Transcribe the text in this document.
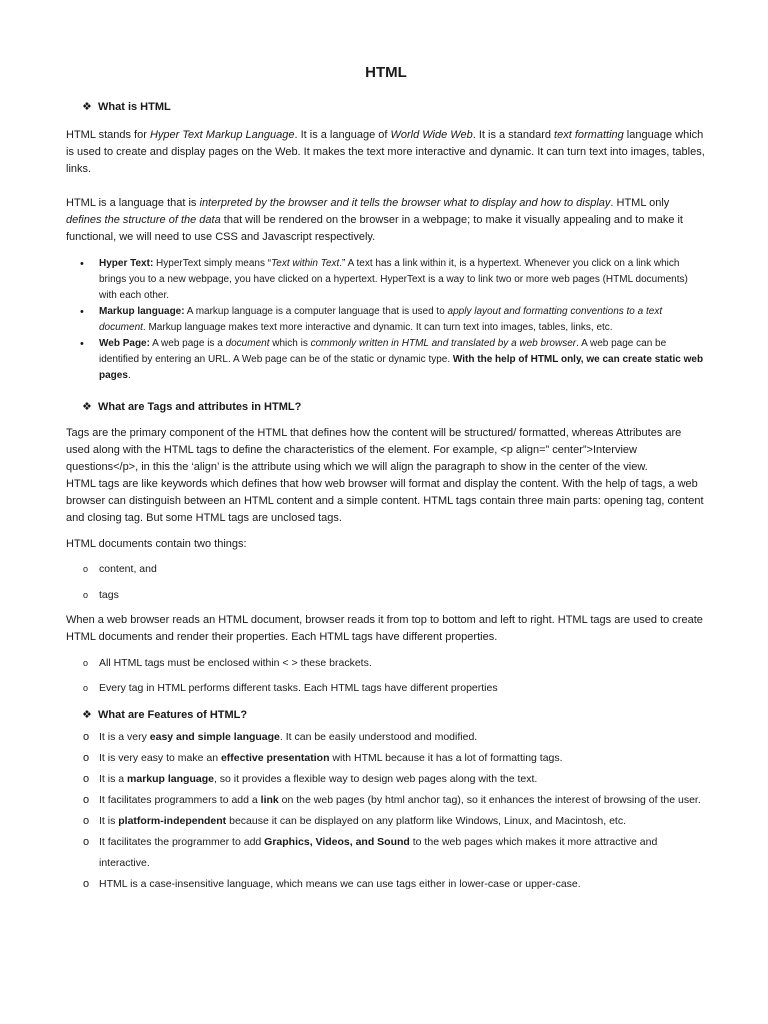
HTML
❖ What is HTML

HTML stands for Hyper Text Markup Language. It is a language of World Wide Web. It is a standard text formatting language which is used to create and display pages on the Web. It makes the text more interactive and dynamic. It can turn text into images, tables, links.

HTML is a language that is interpreted by the browser and it tells the browser what to display and how to display. HTML only defines the structure of the data that will be rendered on the browser in a webpage; to make it visually appealing and to make it functional, we will need to use CSS and Javascript respectively.

• Hyper Text: HyperText simply means “Text within Text.” A text has a link within it, is a hypertext. Whenever you click on a link which brings you to a new webpage, you have clicked on a hypertext. HyperText is a way to link two or more web pages (HTML documents) with each other.
• Markup language: A markup language is a computer language that is used to apply layout and formatting conventions to a text document. Markup language makes text more interactive and dynamic. It can turn text into images, tables, links, etc.
• Web Page: A web page is a document which is commonly written in HTML and translated by a web browser. A web page can be identified by entering an URL. A Web page can be of the static or dynamic type. With the help of HTML only, we can create static web pages.
❖ What are Tags and attributes in HTML?

Tags are the primary component of the HTML that defines how the content will be structured/ formatted, whereas Attributes are used along with the HTML tags to define the characteristics of the element. For example, <p align=” center”>Interview questions</p>, in this the ‘align’ is the attribute using which we will align the paragraph to show in the center of the view.

HTML tags are like keywords which defines that how web browser will format and display the content. With the help of tags, a web browser can distinguish between an HTML content and a simple content. HTML tags contain three main parts: opening tag, content and closing tag. But some HTML tags are unclosed tags.

HTML documents contain two things:

o content, and
o tags

When a web browser reads an HTML document, browser reads it from top to bottom and left to right. HTML tags are used to create HTML documents and render their properties. Each HTML tags have different properties.

o All HTML tags must be enclosed within < > these brackets.
o Every tag in HTML performs different tasks. Each HTML tags have different properties
❖ What are Features of HTML?
o It is a very easy and simple language. It can be easily understood and modified.
o It is very easy to make an effective presentation with HTML because it has a lot of formatting tags.
o It is a markup language, so it provides a flexible way to design web pages along with the text.
o It facilitates programmers to add a link on the web pages (by html anchor tag), so it enhances the interest of browsing of the user.
o It is platform-independent because it can be displayed on any platform like Windows, Linux, and Macintosh, etc.
o It facilitates the programmer to add Graphics, Videos, and Sound to the web pages which makes it more attractive and interactive.
o HTML is a case-insensitive language, which means we can use tags either in lower-case or upper-case.
